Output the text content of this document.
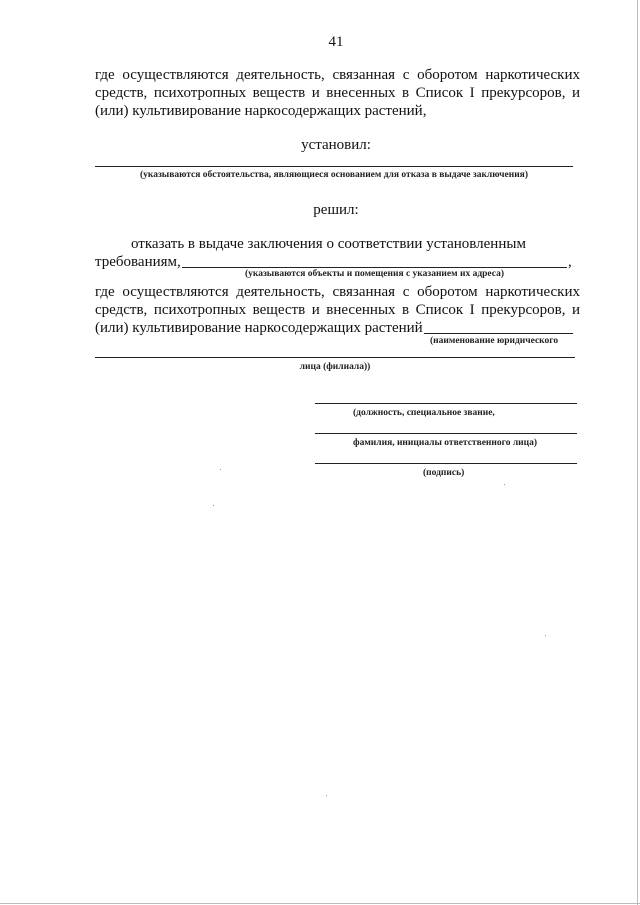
41
где осуществляются деятельность, связанная с оборотом наркотических
средств, психотропных веществ и внесенных в Список I прекурсоров, и
(или) культивирование наркосодержащих растений,
установил:
(указываются обстоятельства, являющиеся основанием для отказа в выдаче заключения)
решил:
отказать в выдаче заключения о соответствии установленным
требованиям,	,
(указываются объекты и помещения с указанием их адреса)
где осуществляются деятельность, связанная с оборотом наркотических
средств, психотропных веществ и внесенных в Список I прекурсоров, и
(или) культивирование наркосодержащих растений
(наименование юридического
лица (филиала))
(должность, специальное звание,
фамилия, инициалы ответственного лица)
(подпись)
